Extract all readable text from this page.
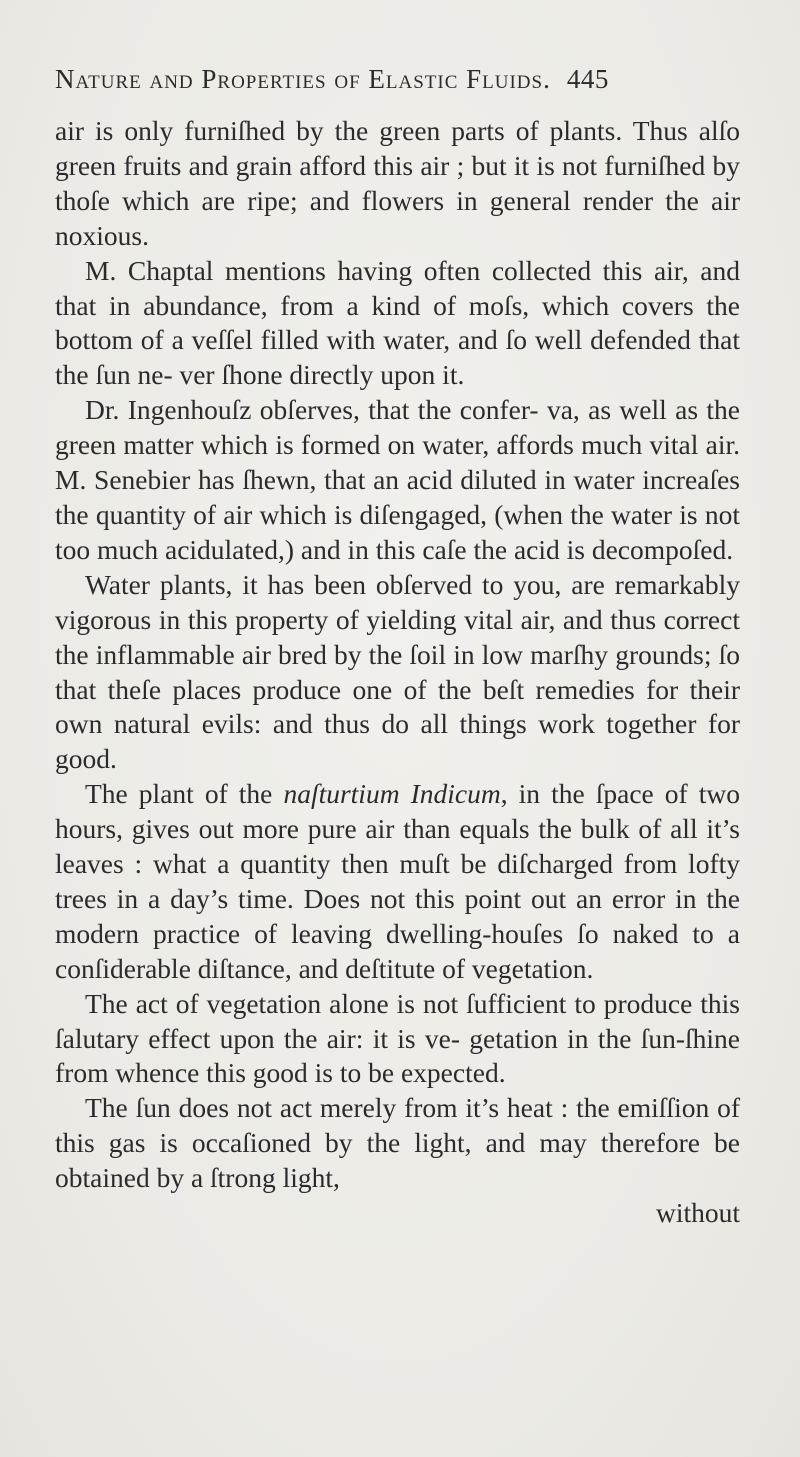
Nature and Properties of Elastic Fluids. 445

air is only furniſhed by the green parts of plants. Thus alſo green fruits and grain afford this air ; but it is not furniſhed by thoſe which are ripe; and flowers in general render the air noxious.

M. Chaptal mentions having often collected this air, and that in abundance, from a kind of moſs, which covers the bottom of a veſſel filled with water, and ſo well defended that the ſun ne- ver ſhone directly upon it.

Dr. Ingenhouſz obſerves, that the confer- va, as well as the green matter which is formed on water, affords much vital air. M. Senebier has ſhewn, that an acid diluted in water increaſes the quantity of air which is diſengaged, (when the water is not too much acidulated,) and in this caſe the acid is decompoſed.

Water plants, it has been obſerved to you, are remarkably vigorous in this property of yielding vital air, and thus correct the inflammable air bred by the ſoil in low marſhy grounds; ſo that theſe places produce one of the beſt remedies for their own natural evils: and thus do all things work together for good.

The plant of the naſturtium Indicum, in the ſpace of two hours, gives out more pure air than equals the bulk of all it’s leaves : what a quantity then muſt be diſcharged from lofty trees in a day’s time. Does not this point out an error in the modern practice of leaving dwelling-houſes ſo naked to a conſiderable diſtance, and deſtitute of vegetation.

The act of vegetation alone is not ſufficient to produce this ſalutary effect upon the air: it is ve- getation in the ſun-ſhine from whence this good is to be expected.

The ſun does not act merely from it’s heat : the emiſſion of this gas is occaſioned by the light, and may therefore be obtained by a ſtrong light,

without
